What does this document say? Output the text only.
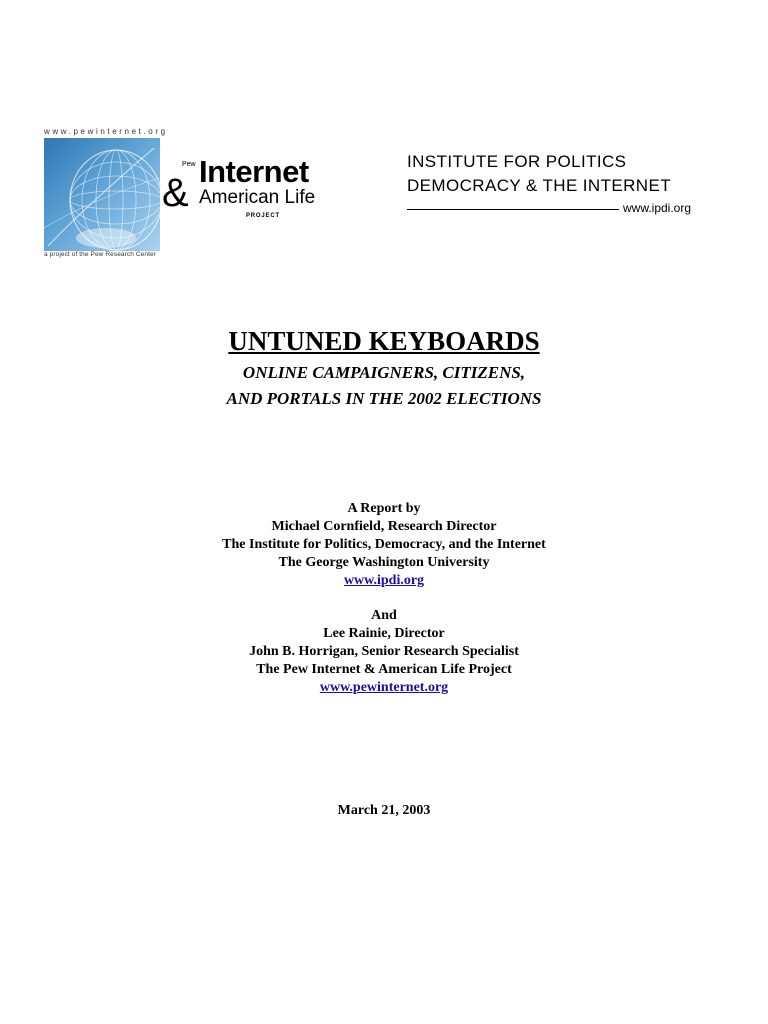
www.pewinternet.org
a project of the Pew Research Center
Pew
& Internet
American Life
PROJECT
INSTITUTE FOR POLITICS
DEMOCRACY & THE INTERNET
www.ipdi.org
UNTUNED KEYBOARDS
ONLINE CAMPAIGNERS, CITIZENS,
AND PORTALS IN THE 2002 ELECTIONS
A Report by
Michael Cornfield, Research Director
The Institute for Politics, Democracy, and the Internet
The George Washington University
www.ipdi.org
And
Lee Rainie, Director
John B. Horrigan, Senior Research Specialist
The Pew Internet & American Life Project
www.pewinternet.org
March 21, 2003
